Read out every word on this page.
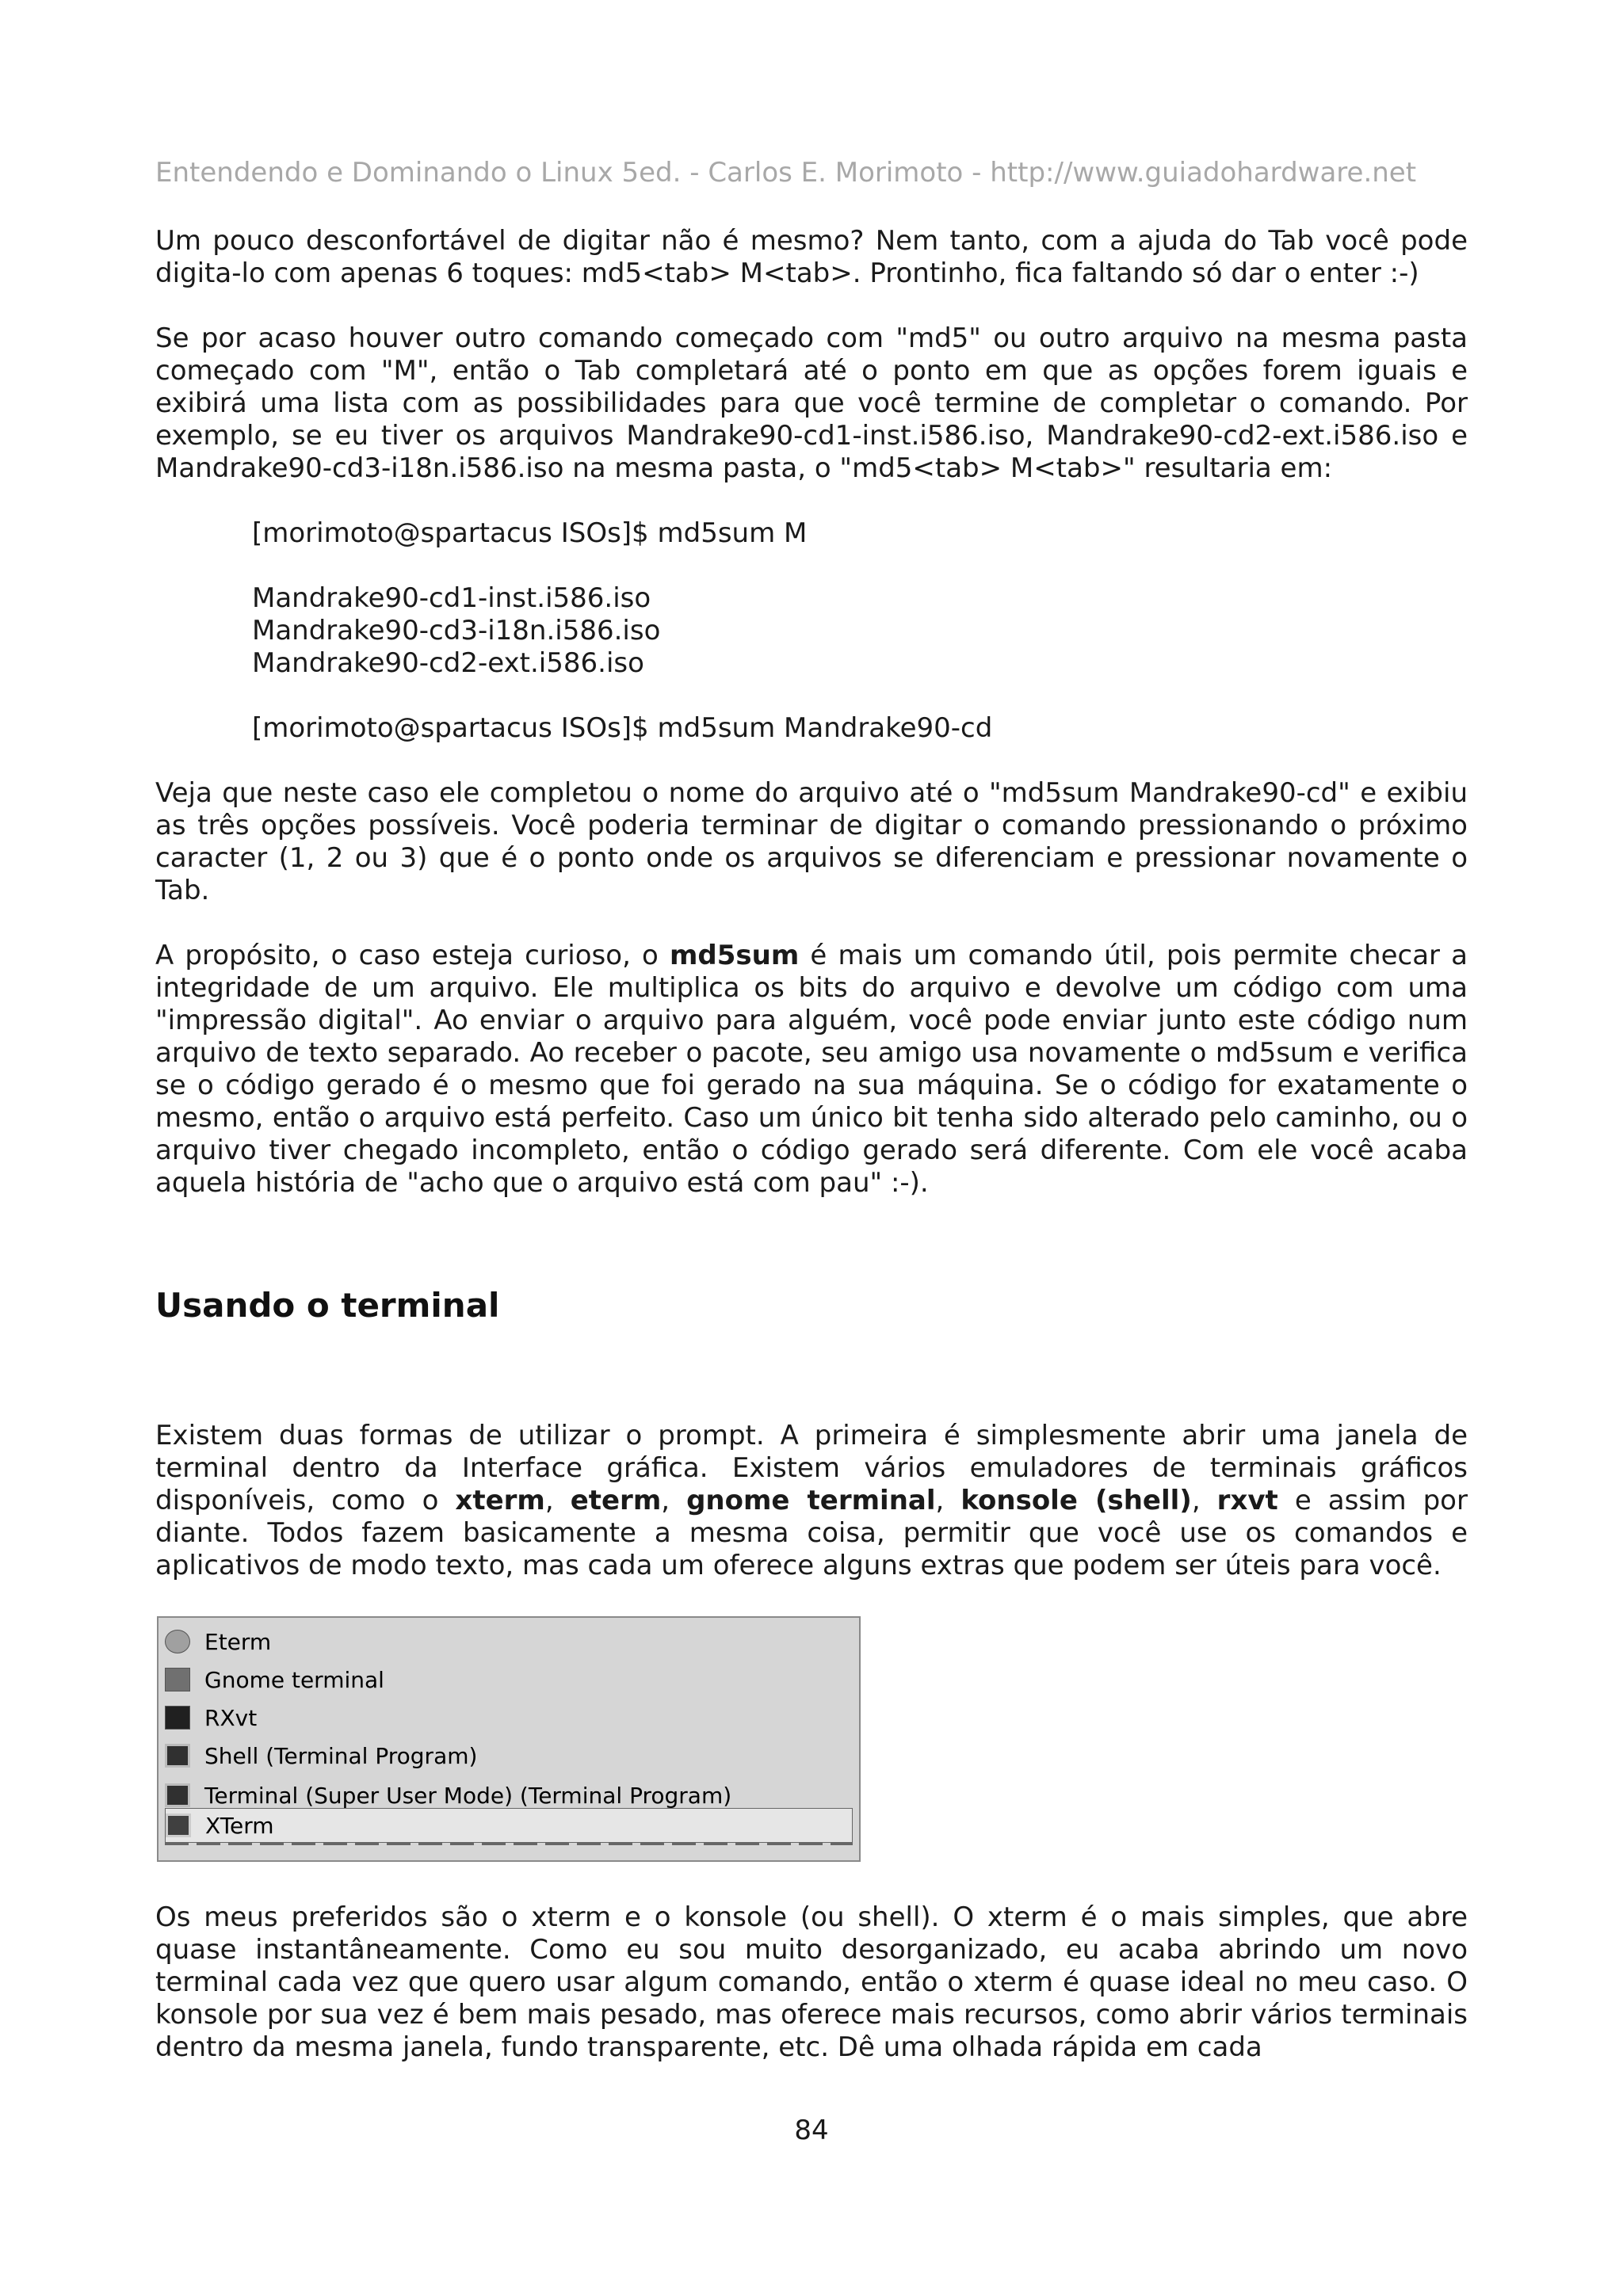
Entendendo e Dominando o Linux 5ed. - Carlos E. Morimoto - http://www.guiadohardware.net

Um pouco desconfortável de digitar não é mesmo? Nem tanto, com a ajuda do Tab você pode digita-lo com apenas 6 toques: md5<tab> M<tab>. Prontinho, fica faltando só dar o enter :-)

Se por acaso houver outro comando começado com "md5" ou outro arquivo na mesma pasta começado com "M", então o Tab completará até o ponto em que as opções forem iguais e exibirá uma lista com as possibilidades para que você termine de completar o comando. Por exemplo, se eu tiver os arquivos Mandrake90-cd1-inst.i586.iso, Mandrake90-cd2-ext.i586.iso e Mandrake90-cd3-i18n.i586.iso na mesma pasta, o "md5<tab> M<tab>" resultaria em:

[morimoto@spartacus ISOs]$ md5sum M
Mandrake90-cd1-inst.i586.iso
Mandrake90-cd3-i18n.i586.iso
Mandrake90-cd2-ext.i586.iso
[morimoto@spartacus ISOs]$ md5sum Mandrake90-cd

Veja que neste caso ele completou o nome do arquivo até o "md5sum Mandrake90-cd" e exibiu as três opções possíveis. Você poderia terminar de digitar o comando pressionando o próximo caracter (1, 2 ou 3) que é o ponto onde os arquivos se diferenciam e pressionar novamente o Tab.

A propósito, o caso esteja curioso, o md5sum é mais um comando útil, pois permite checar a integridade de um arquivo. Ele multiplica os bits do arquivo e devolve um código com uma "impressão digital". Ao enviar o arquivo para alguém, você pode enviar junto este código num arquivo de texto separado. Ao receber o pacote, seu amigo usa novamente o md5sum e verifica se o código gerado é o mesmo que foi gerado na sua máquina. Se o código for exatamente o mesmo, então o arquivo está perfeito. Caso um único bit tenha sido alterado pelo caminho, ou o arquivo tiver chegado incompleto, então o código gerado será diferente. Com ele você acaba aquela história de "acho que o arquivo está com pau" :-).

Usando o terminal

Existem duas formas de utilizar o prompt. A primeira é simplesmente abrir uma janela de terminal dentro da Interface gráfica. Existem vários emuladores de terminais gráficos disponíveis, como o xterm, eterm, gnome terminal, konsole (shell), rxvt e assim por diante. Todos fazem basicamente a mesma coisa, permitir que você use os comandos e aplicativos de modo texto, mas cada um oferece alguns extras que podem ser úteis para você.

Eterm
Gnome terminal
RXvt
Shell (Terminal Program)
Terminal (Super User Mode) (Terminal Program)
XTerm

Os meus preferidos são o xterm e o konsole (ou shell). O xterm é o mais simples, que abre quase instantâneamente. Como eu sou muito desorganizado, eu acaba abrindo um novo terminal cada vez que quero usar algum comando, então o xterm é quase ideal no meu caso. O konsole por sua vez é bem mais pesado, mas oferece mais recursos, como abrir vários terminais dentro da mesma janela, fundo transparente, etc. Dê uma olhada rápida em cada

84
